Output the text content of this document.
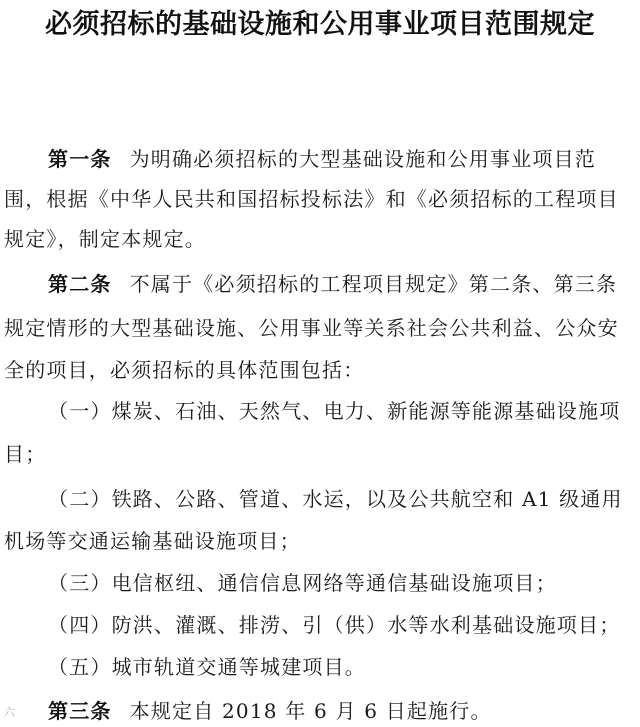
必须招标的基础设施和公用事业项目范围规定
第一条 为明确必须招标的大型基础设施和公用事业项目范
围，根据《中华人民共和国招标投标法》和《必须招标的工程项目
规定》，制定本规定。
第二条 不属于《必须招标的工程项目规定》第二条、第三条
规定情形的大型基础设施、公用事业等关系社会公共利益、公众安
全的项目，必须招标的具体范围包括：
（一）煤炭、石油、天然气、电力、新能源等能源基础设施项
目；
（二）铁路、公路、管道、水运，以及公共航空和 A1 级通用
机场等交通运输基础设施项目；
（三）电信枢纽、通信信息网络等通信基础设施项目；
（四）防洪、灌溉、排涝、引（供）水等水利基础设施项目；
（五）城市轨道交通等城建项目。
第三条 本规定自 2018 年 6 月 6 日起施行。
六
